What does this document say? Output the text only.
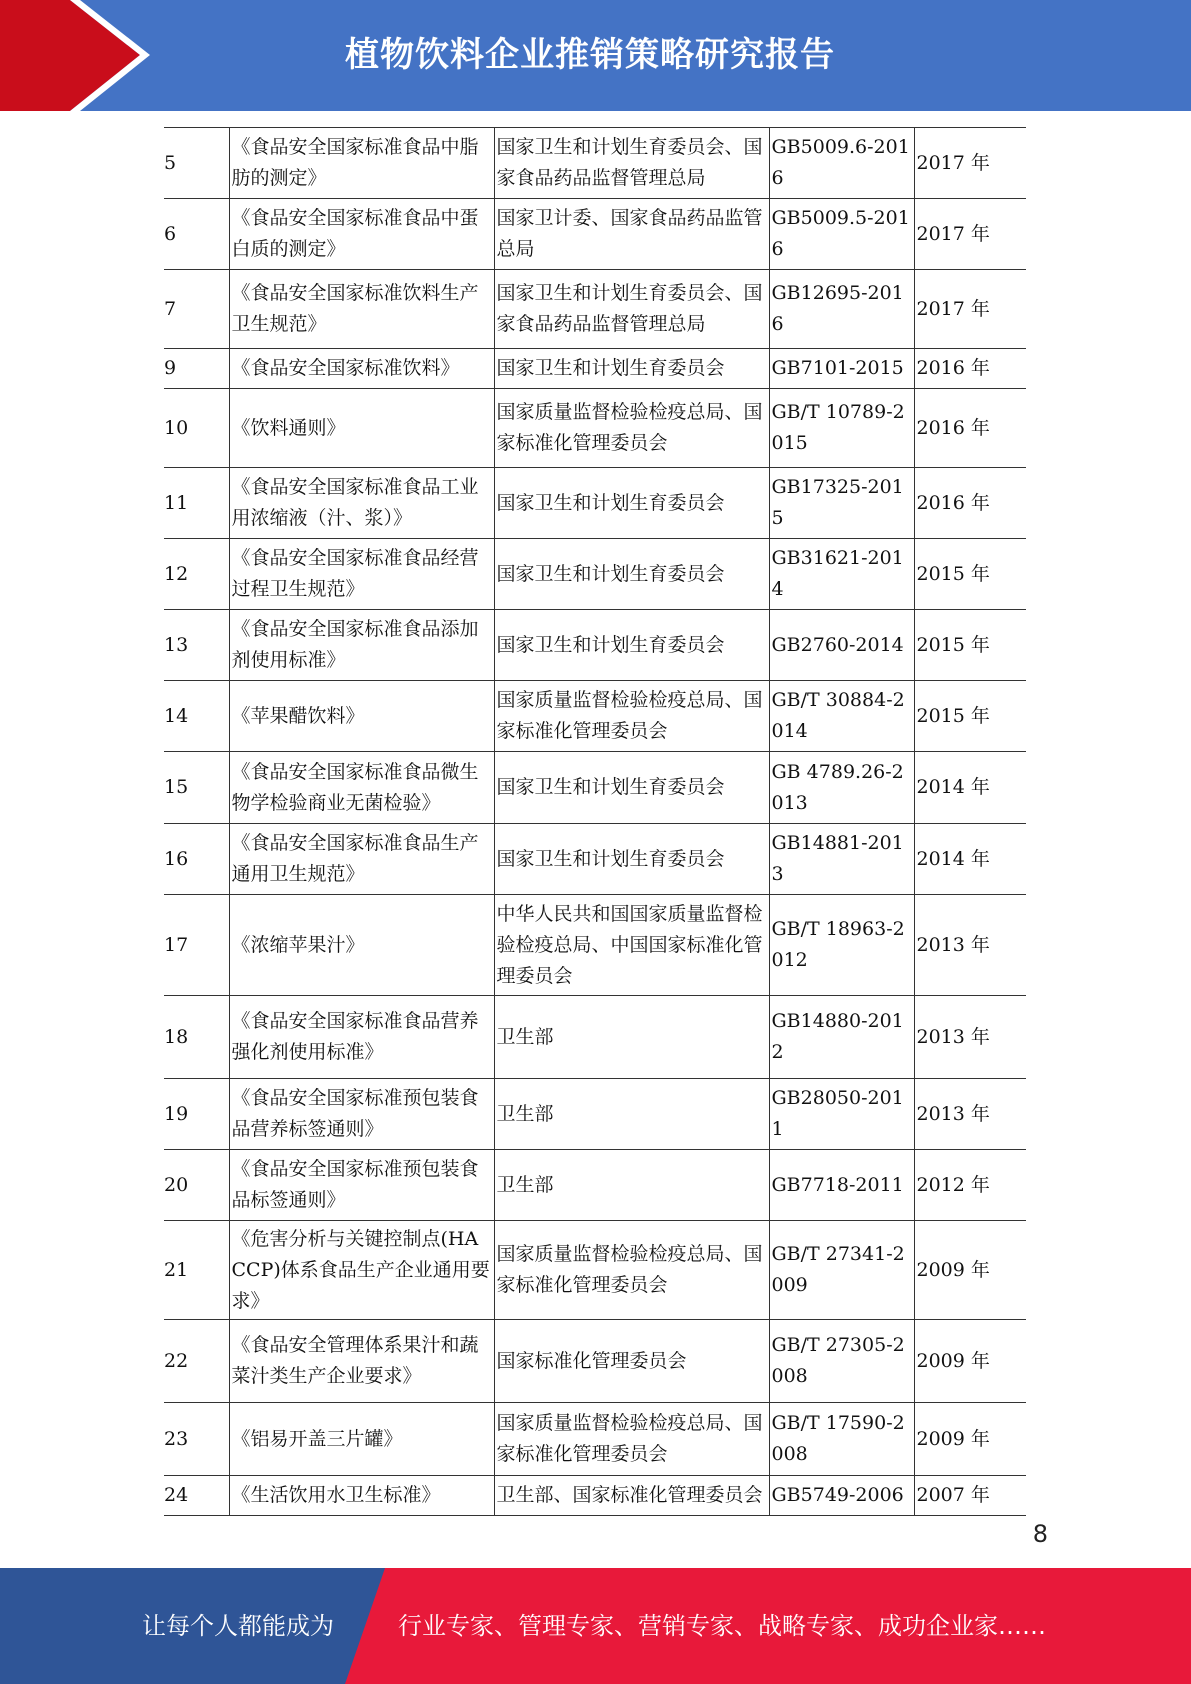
植物饮料企业推销策略研究报告
5	《食品安全国家标准食品中脂肪的测定》	国家卫生和计划生育委员会、国家食品药品监督管理总局	GB5009.6-2016	2017 年
6	《食品安全国家标准食品中蛋白质的测定》	国家卫计委、国家食品药品监管总局	GB5009.5-2016	2017 年
7	《食品安全国家标准饮料生产卫生规范》	国家卫生和计划生育委员会、国家食品药品监督管理总局	GB12695-2016	2017 年
9	《食品安全国家标准饮料》	国家卫生和计划生育委员会	GB7101-2015	2016 年
10	《饮料通则》	国家质量监督检验检疫总局、国家标准化管理委员会	GB/T 10789-2015	2016 年
11	《食品安全国家标准食品工业用浓缩液（汁、浆）》	国家卫生和计划生育委员会	GB17325-2015	2016 年
12	《食品安全国家标准食品经营过程卫生规范》	国家卫生和计划生育委员会	GB31621-2014	2015 年
13	《食品安全国家标准食品添加剂使用标准》	国家卫生和计划生育委员会	GB2760-2014	2015 年
14	《苹果醋饮料》	国家质量监督检验检疫总局、国家标准化管理委员会	GB/T 30884-2014	2015 年
15	《食品安全国家标准食品微生物学检验商业无菌检验》	国家卫生和计划生育委员会	GB 4789.26-2013	2014 年
16	《食品安全国家标准食品生产通用卫生规范》	国家卫生和计划生育委员会	GB14881-2013	2014 年
17	《浓缩苹果汁》	中华人民共和国国家质量监督检验检疫总局、中国国家标准化管理委员会	GB/T 18963-2012	2013 年
18	《食品安全国家标准食品营养强化剂使用标准》	卫生部	GB14880-2012	2013 年
19	《食品安全国家标准预包装食品营养标签通则》	卫生部	GB28050-2011	2013 年
20	《食品安全国家标准预包装食品标签通则》	卫生部	GB7718-2011	2012 年
21	《危害分析与关键控制点(HACCP)体系食品生产企业通用要求》	国家质量监督检验检疫总局、国家标准化管理委员会	GB/T 27341-2009	2009 年
22	《食品安全管理体系果汁和蔬菜汁类生产企业要求》	国家标准化管理委员会	GB/T 27305-2008	2009 年
23	《铝易开盖三片罐》	国家质量监督检验检疫总局、国家标准化管理委员会	GB/T 17590-2008	2009 年
24	《生活饮用水卫生标准》	卫生部、国家标准化管理委员会	GB5749-2006	2007 年
8
让每个人都能成为	行业专家、管理专家、营销专家、战略专家、成功企业家……
